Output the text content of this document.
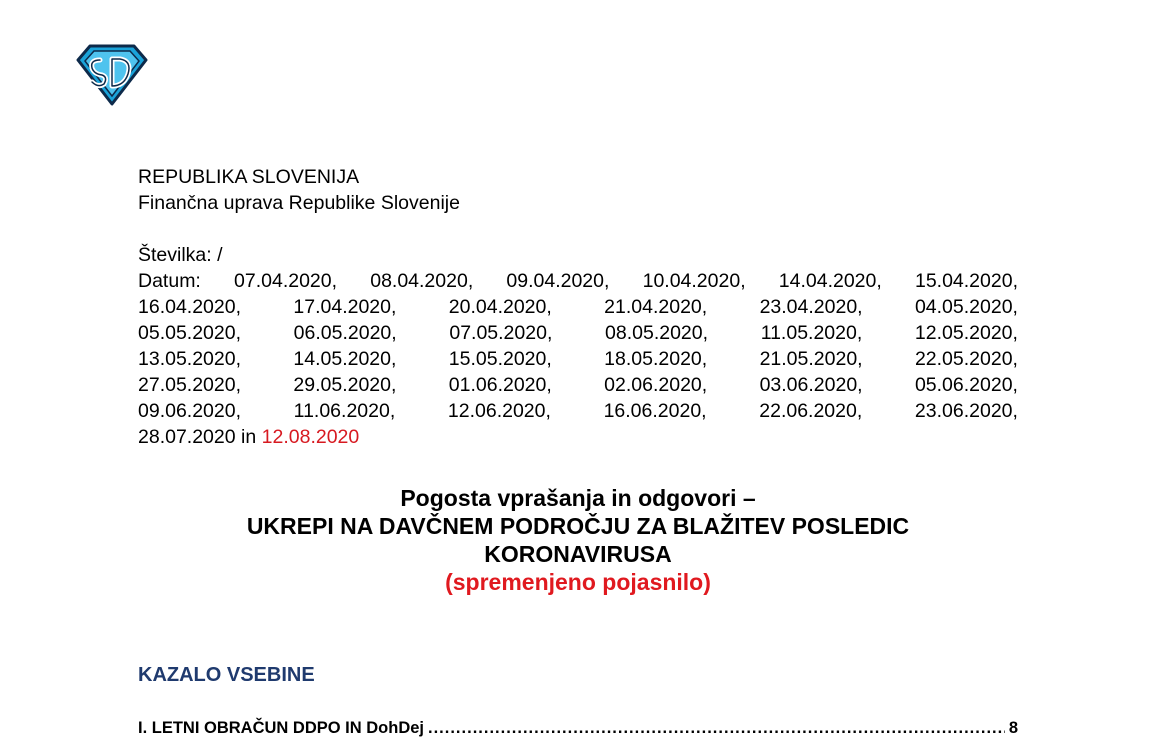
REPUBLIKA SLOVENIJA
Finančna uprava Republike Slovenije
Številka: /
Datum: 07.04.2020, 08.04.2020, 09.04.2020, 10.04.2020, 14.04.2020, 15.04.2020,
16.04.2020,	17.04.2020,	20.04.2020,	21.04.2020,	23.04.2020,	04.05.2020,
05.05.2020,	06.05.2020,	07.05.2020,	08.05.2020,	11.05.2020,	12.05.2020,
13.05.2020,	14.05.2020,	15.05.2020,	18.05.2020,	21.05.2020,	22.05.2020,
27.05.2020,	29.05.2020,	01.06.2020,	02.06.2020,	03.06.2020,	05.06.2020,
09.06.2020,	11.06.2020,	12.06.2020,	16.06.2020,	22.06.2020,	23.06.2020,
28.07.2020 in 12.08.2020
Pogosta vprašanja in odgovori –
UKREPI NA DAVČNEM PODROČJU ZA BLAŽITEV POSLEDIC
KORONAVIRUSA
(spremenjeno pojasnilo)
KAZALO VSEBINE
I. LETNI OBRAČUN DDPO IN DohDej
.....	8
